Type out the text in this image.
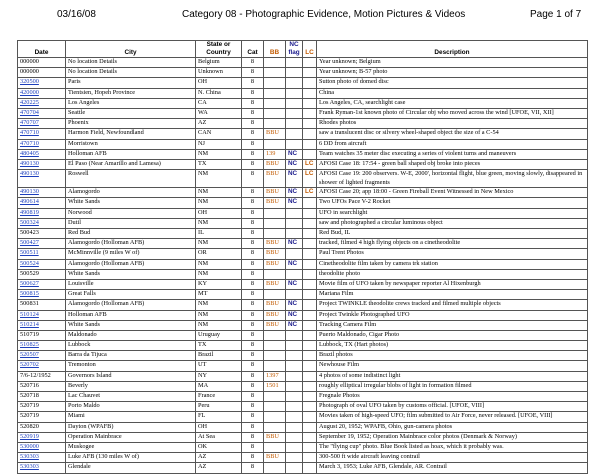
03/16/08	Category 08 - Photographic Evidence, Motion Pictures & Videos	Page 1 of 7
Date	City	State or Country	Cat	BB	NC flag	LC	Description
000000	No location Details	Belgium	8				Year unknown; Belgium
000000	No location Details	Unknown	8				Year unknown; B-57 photo
320500	Paris	OH	8				Sutton photo of domed disc
420000	Tientsien, Hopeh Province	N. China	8				China
420225	Los Angeles	CA	8				Los Angeles, CA, searchlight case
470704	Seattle	WA	8				Frank Ryman-1st known photo of Circular obj who moved across the wind [UFOE, VII, XII]
470707	Phoenix	AZ	8				Rhodes photos
470710	Harmon Field, Newfoundland	CAN	8	BBU			saw a translucent disc or silvery wheel-shaped object the size of a C-54
470710	Morristown	NJ	8				6 DD from aircraft
480405	Holloman AFB	NM	8	139	NC		Team watches 35 meter disc executing a series of violent turns and maneuvers
490130	El Paso (Near Amarillo and Lamesa)	TX	8	BBU	NC	LC	AFOSI Case 18: 17:54 - green ball shaped obj broke into pieces
490130	Roswell	NM	8	BBU	NC	LC	AFOSI Case 19: 200 observers. W-E, 2000', horizontal flight, blue green, moving slowly, disappeared in shower of lighted fragments
490130	Alamogordo	NM	8	BBU	NC	LC	AFOSI Case 20; app 18:00 - Green Fireball Event Witnessed in New Mexico
490614	White Sands	NM	8	BBU	NC		Two UFOs Pace V-2 Rocket
490819	Norwood	OH	8				UFO in searchlight
500324	Dutil	NM	8				saw and photographed a circular luminous object
500423	Red Bud	IL	8				Red Bud, IL
500427	Alamogordo (Holloman AFB)	NM	8	BBU	NC		tracked, filmed 4 high flying objects on a cinetheodolite
500511	McMinnville (9 miles W of)	OR	8	BBU			Paul Trent Photos
500524	Alamogordo (Holloman AFB)	NM	8	BBU	NC		Cinetheodolite film taken by camera trk station
500529	White Sands	NM	8				theodolite photo
500627	Louisville	KY	8	BBU	NC		Movie film of UFO taken by newspaper reporter Al Hixenburgh
500815	Great Falls	MT	8				Mariana Film
500831	Alamogordo (Holloman AFB)	NM	8	BBU	NC		Project TWINKLE theodolite crews tracked and filmed multiple objects
510124	Holloman AFB	NM	8	BBU	NC		Project Twinkle Photographed UFO
510214	White Sands	NM	8	BBU	NC		Tracking Camera Film
510719	Maldonado	Uruguay	8				Puerto Maldonado, Cigar Photo
510825	Lubbock	TX	8				Lubbock, TX (Hart photos)
520507	Barra da Tijuca	Brazil	8				Brazil photos
520702	Tremonton	UT	8				Newhouse Film
7/6-12/1952	Governors Island	NY	8	1397			4 photos of some indistinct light
520716	Beverly	MA	8	1501			roughly elliptical irregular blobs of light in formation filmed
520718	Lac Chauvet	France	8				Fregnale Photos
520719	Porto Maldo	Peru	8				Photograph of oval UFO taken by customs official. [UFOE, VIII]
520719	Miami	FL	8				Movies taken of high-speed UFO; film submitted to Air Force, never released. [UFOE, VIII]
520820	Dayton (WPAFB)	OH	8				August 20, 1952; WPAFB, Ohio, gun-camera photos
520919	Operation Mainbrace	At Sea	8	BBU			September 19, 1952; Operation Mainbrace color photos (Denmark & Norway)
530000	Muskogee	OK	8				The "flying cup" photo. Blue Book listed as hoax, which it probably was.
530303	Luke AFB (130 miles W of)	AZ	8	BBU			300-500 ft wide aircraft leaving contrail
530303	Glendale	AZ	8				March 3, 1953; Luke AFB, Glendale, AR. Contrail
